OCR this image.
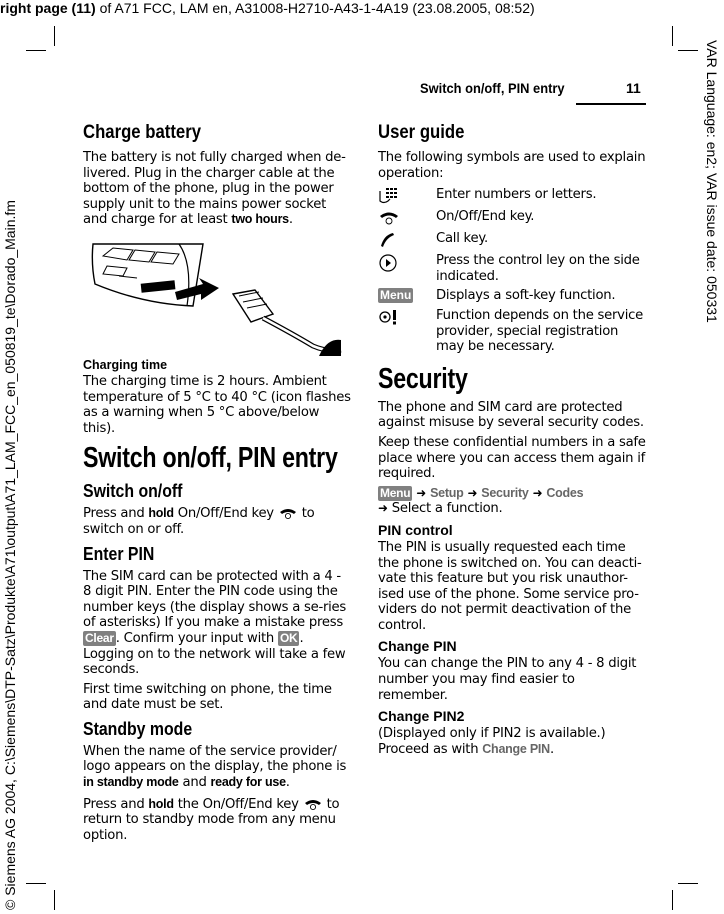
right page (11) of A71 FCC, LAM en, A31008-H2710-A43-1-4A19 (23.08.2005, 08:52)
VAR Language: en2; VAR issue date: 050331
© Siemens AG 2004, C:\Siemens\DTP-Satz\Produkte\A71\output\A71_LAM_FCC_en_050819_te\Dorado_Main.fm
Switch on/off, PIN entry	11
Charge battery

The battery is not fully charged when de-livered. Plug in the charger cable at the bottom of the phone, plug in the power supply unit to the mains power socket and charge for at least two hours.

Charging time

The charging time is 2 hours. Ambient temperature of 5 °C to 40 °C (icon flashes as a warning when 5 °C above/below this).

Switch on/off, PIN entry
Switch on/off

Press and hold On/Off/End key  to switch on or off.

Enter PIN

The SIM card can be protected with a 4 - 8 digit PIN. Enter the PIN code using the number keys (the display shows a se-ries of asterisks) If you make a mistake press Clear . Confirm your input with OK . Logging on to the network will take a few seconds.

First time switching on phone, the time and date must be set.

Standby mode

When the name of the service provider/ logo appears on the display, the phone is in standby mode and ready for use.

Press and hold the On/Off/End key  to return to standby mode from any menu option.

User guide

The following symbols are used to explain operation:

Enter numbers or letters.
On/Off/End key.
Call key.
Press the control ley on the side indicated.
Menu Displays a soft-key function.
Function depends on the service provider, special registration may be necessary.
Security

The phone and SIM card are protected against misuse by several security codes.

Keep these confidential numbers in a safe place where you can access them again if required.

Menu ➜ Setup ➜ Security ➜ Codes
➜ Select a function.

PIN control

The PIN is usually requested each time the phone is switched on. You can deacti-vate this feature but you risk unauthor-ised use of the phone. Some service pro-viders do not permit deactivation of the control.

Change PIN

You can change the PIN to any 4 - 8 digit number you may find easier to remember.

Change PIN2

(Displayed only if PIN2 is available.) Proceed as with Change PIN.
